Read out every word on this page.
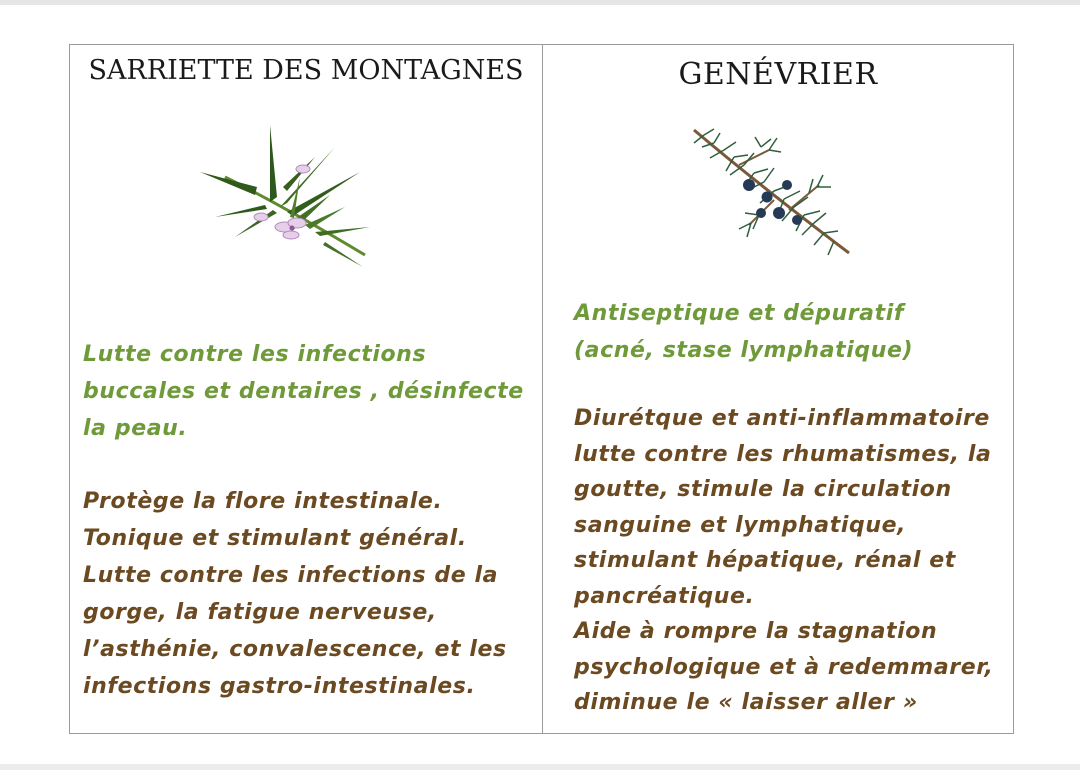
SARRIETTE DES MONTAGNES
Lutte contre les infections
buccales et dentaires , désinfecte
la peau.
Protège la flore intestinale.
Tonique et stimulant général.
Lutte contre les infections de la
gorge, la fatigue nerveuse,
l’asthénie, convalescence, et les
infections gastro-intestinales.
GENÉVRIER
Antiseptique et dépuratif
(acné, stase lymphatique)
Diurétque et anti-inflammatoire
lutte contre les rhumatismes, la
goutte, stimule la circulation
sanguine et lymphatique,
stimulant hépatique, rénal et
pancréatique.
Aide à rompre la stagnation
psychologique et à redemmarer,
diminue le « laisser aller »
